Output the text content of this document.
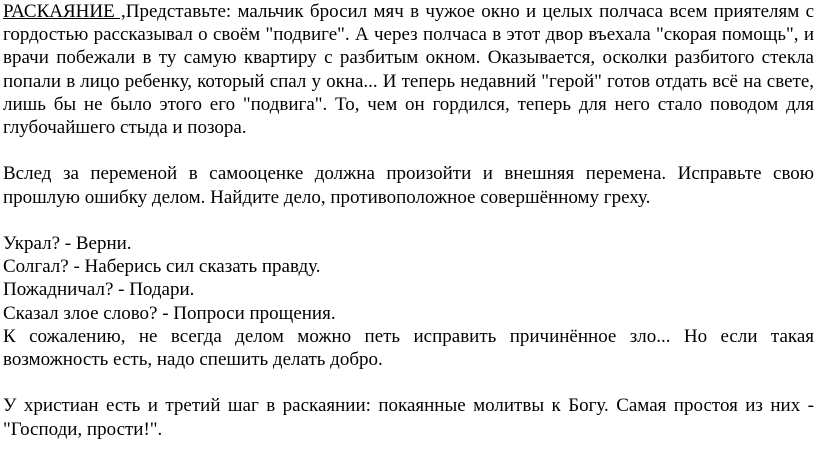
РАСКАЯНИЕ ,Представьте: мальчик бросил мяч в чужое окно и целых полчаса всем приятелям с гордостью рассказывал о своём "подвиге". А через полчаса в этот двор въехала "скорая помощь", и врачи побежали в ту самую квартиру с разбитым окном. Оказывается, осколки разбитого стекла попали в лицо ребенку, который спал у окна... И теперь недавний "герой" готов отдать всё на свете, лишь бы не было этого его "подвига". То, чем он гордился, теперь для него стало поводом для глубочайшего стыда и позора.

Вслед за переменой в самооценке должна произойти и внешняя перемена. Исправьте свою прошлую ошибку делом. Найдите дело, противоположное совершённому греху.

Украл? - Верни.

Солгал? - Наберись сил сказать правду.

Пожадничал? - Подари.

Сказал злое слово? - Попроси прощения.

К сожалению, не всегда делом можно петь исправить причинённое зло... Но если такая возможность есть, надо спешить делать добро.

У христиан есть и третий шаг в раскаянии: покаянные молитвы к Богу. Самая простоя из них - "Господи, прости!".
